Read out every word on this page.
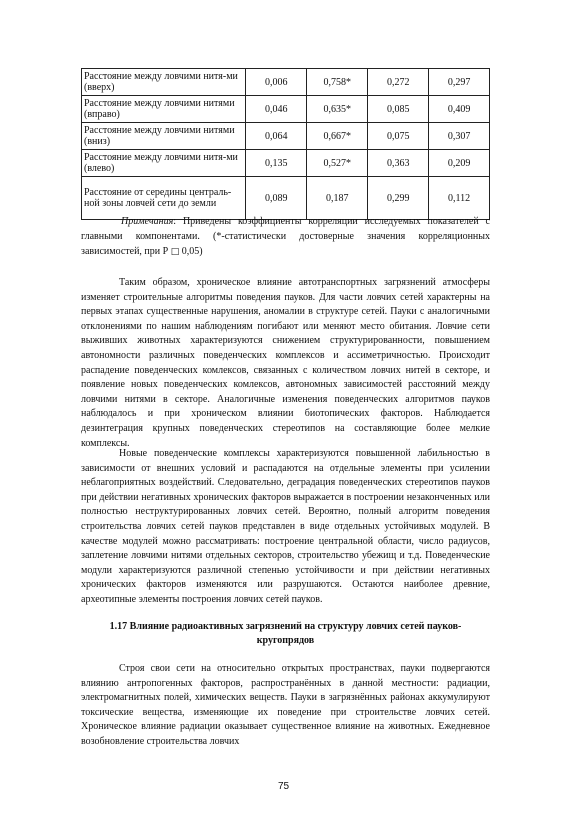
Расстояние между ловчими нитя-ми (вверх)	0,006	0,758*	0,272	0,297
Расстояние между ловчими нитями (вправо)	0,046	0,635*	0,085	0,409
Расстояние между ловчими нитями (вниз)	0,064	0,667*	0,075	0,307
Расстояние между ловчими нитя-ми (влево)	0,135	0,527*	0,363	0,209
Расстояние от середины централь-ной зоны ловчей сети до земли	0,089	0,187	0,299	0,112
Примечания: Приведены коэффициенты корреляции исследуемых показателей с главными компонентами. (*-статистически достоверные значения корреляционных зависимостей, при Р □ 0,05)

Таким образом, хроническое влияние автотранспортных загрязнений атмосферы изменяет строительные алгоритмы поведения пауков. Для части ловчих сетей характерны на первых этапах существенные нарушения, аномалии в структуре сетей. Пауки с аналогичными отклонениями по нашим наблюдениям погибают или меняют место обитания. Ловчие сети выживших животных характеризуются снижением структурированности, повышением автономности различных поведенческих комплексов и ассиметричностью. Происходит распадение поведенческих комлексов, связанных с количеством ловчих нитей в секторе, и появление новых поведенческих комлексов, автономных зависимостей расстояний между ловчими нитями в секторе. Аналогичные изменения поведенческих алгоритмов пауков наблюдалось и при хроническом влиянии биотопических факторов. Наблюдается дезинтеграция крупных поведенческих стереотипов на составляющие более мелкие комплексы.

Новые поведенческие комплексы характеризуются повышенной лабильностью в зависимости от внешних условий и распадаются на отдельные элементы при усилении неблагоприятных воздействий. Следовательно, деградация поведенческих стереотипов пауков при действии негативных хронических факторов выражается в построении незаконченных или полностью неструктурированных ловчих сетей. Вероятно, полный алгоритм поведения строительства ловчих сетей пауков представлен в виде отдельных устойчивых модулей. В качестве модулей можно рассматривать: построение центральной области, число радиусов, заплетение ловчими нитями отдельных секторов, строительство убежищ и т.д. Поведенческие модули характеризуются различной степенью устойчивости и при действии негативных хронических факторов изменяются или разрушаются. Остаются наиболее древние, археотипные элементы построения ловчих сетей пауков.

1.17 Влияние радиоактивных загрязнений на структуру ловчих сетей пауков-кругопрядов

Строя свои сети на относительно открытых пространствах, пауки подвергаются влиянию антропогенных факторов, распространённых в данной местности: радиации, электромагнитных полей, химических веществ. Пауки в загрязнённых районах аккумулируют токсические вещества, изменяющие их поведение при строительстве ловчих сетей. Хроническое влияние радиации оказывает существенное влияние на животных. Ежедневное возобновление строительства ловчих

75
